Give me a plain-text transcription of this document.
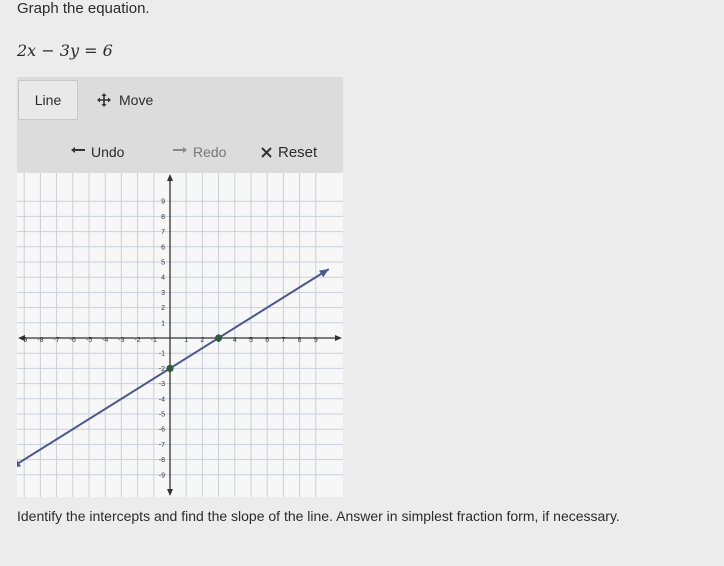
Graph the equation.
2x − 3y = 6
Line	Move
Undo	Redo	Reset
-9 -8 -7 -6 -5 -4 -3 -2 -1	1 2	4 5 6 7 8 9
9
8
7
6
5
4
3
2
1
-1
-2
-3
-4
-5
-6
-7
-8
-9
Identify the intercepts and find the slope of the line. Answer in simplest fraction form, if necessary.
